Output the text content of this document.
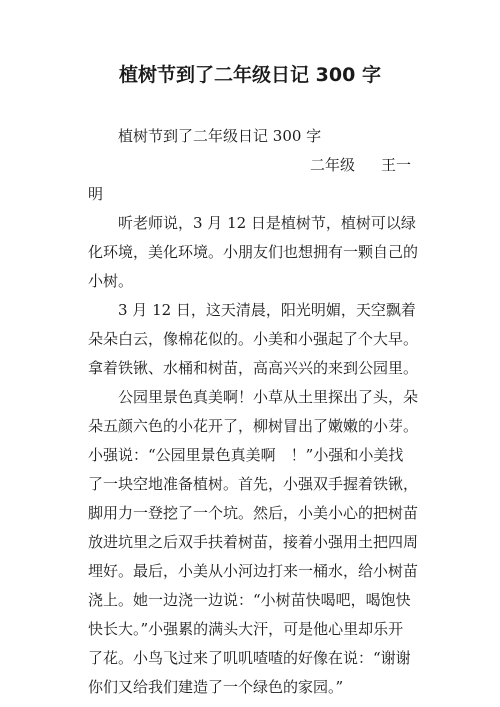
植树节到了二年级日记 300 字
植树节到了二年级日记 300 字
二年级 王一
明
听老师说，3 月 12 日是植树节，植树可以绿
化环境，美化环境。小朋友们也想拥有一颗自己的
小树。
3 月 12 日，这天清晨，阳光明媚，天空飘着
朵朵白云，像棉花似的。小美和小强起了个大早。
拿着铁锹、水桶和树苗，高高兴兴的来到公园里。
公园里景色真美啊！小草从土里探出了头，朵
朵五颜六色的小花开了，柳树冒出了嫩嫩的小芽。
小强说：“公园里景色真美啊　！”小强和小美找
了一块空地准备植树。首先，小强双手握着铁锹，
脚用力一登挖了一个坑。然后，小美小心的把树苗
放进坑里之后双手扶着树苗，接着小强用土把四周
埋好。最后，小美从小河边打来一桶水，给小树苗
浇上。她一边浇一边说：“小树苗快喝吧，喝饱快
快长大。”小强累的满头大汗，可是他心里却乐开
了花。小鸟飞过来了叽叽喳喳的好像在说：“谢谢
你们又给我们建造了一个绿色的家园。”
